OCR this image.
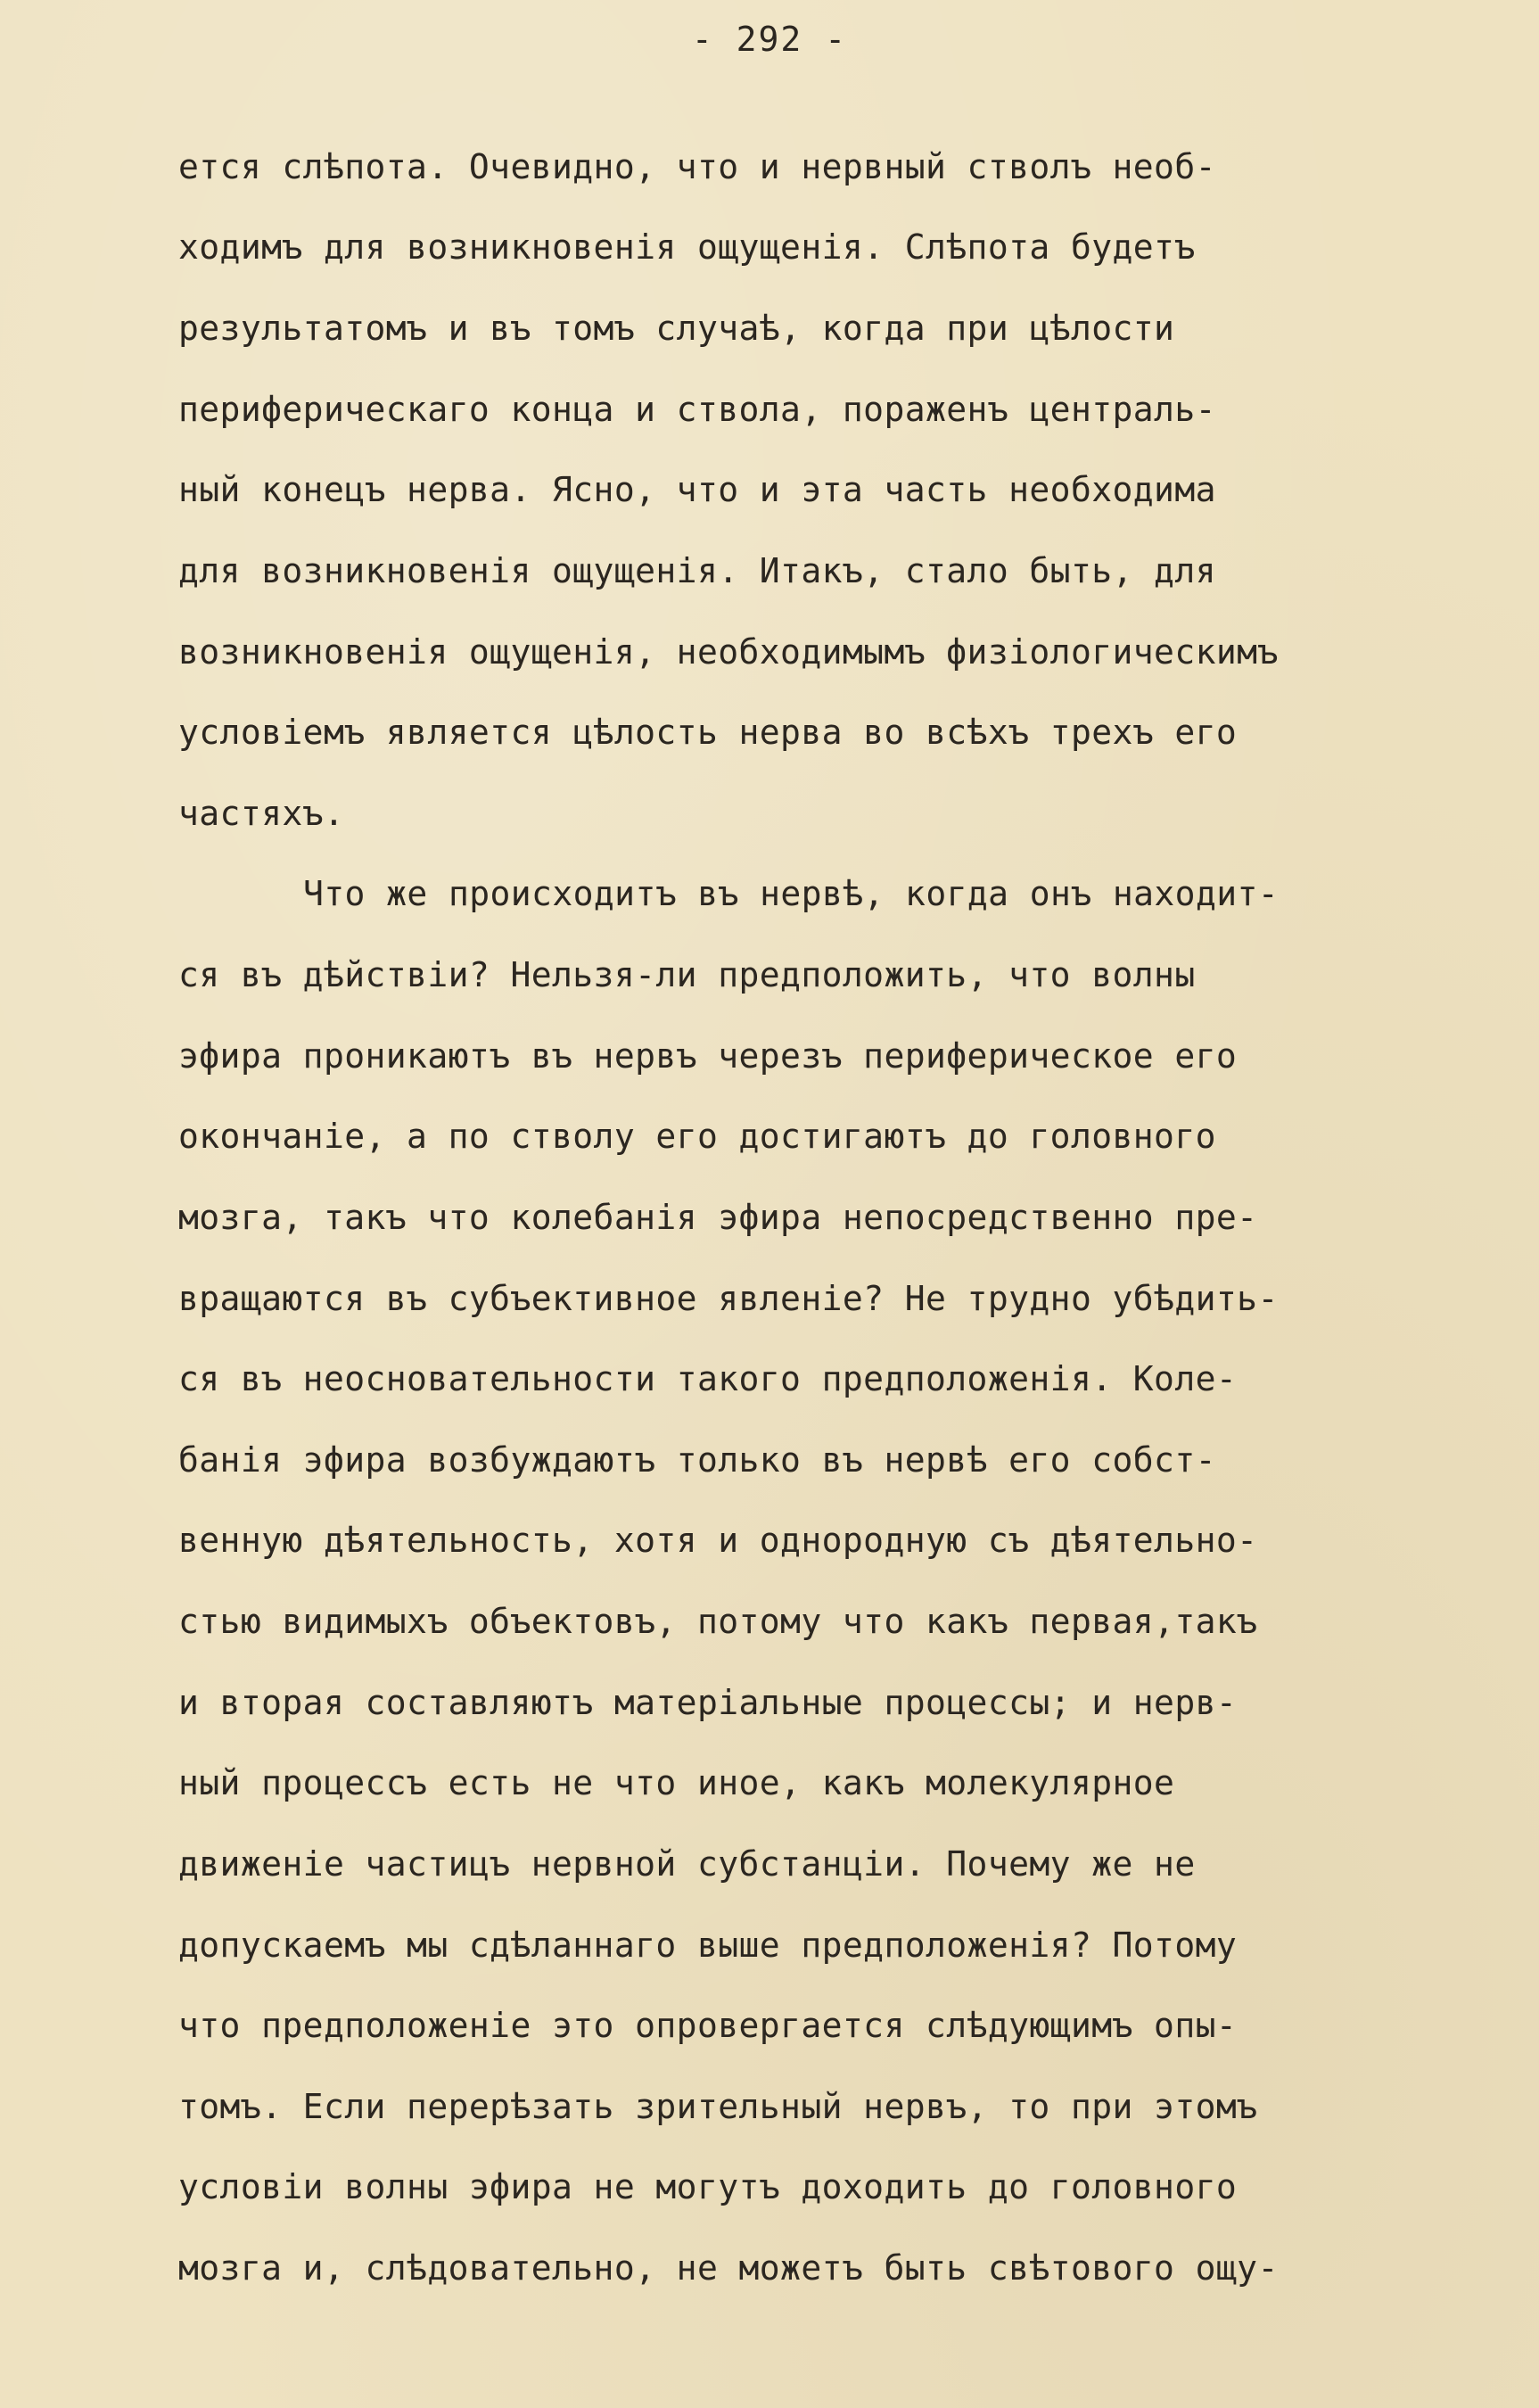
- 292 -
ется слѣпота. Очевидно, что и нервный стволъ необ-
ходимъ для возникновенія ощущенія. Слѣпота будетъ
результатомъ и въ томъ случаѣ, когда при цѣлости
периферическаго конца и ствола, пораженъ централь-
ный конецъ нерва. Ясно, что и эта часть необходима
для возникновенія ощущенія. Итакъ, стало быть, для
возникновенія ощущенія, необходимымъ физіологическимъ
условіемъ является цѣлость нерва во всѣхъ трехъ его
частяхъ.
Что же происходитъ въ нервѣ, когда онъ находит-
ся въ дѣйствіи? Нельзя-ли предположить, что волны
эфира проникаютъ въ нервъ черезъ периферическое его
окончаніе, а по стволу его достигаютъ до головного
мозга, такъ что колебанія эфира непосредственно пре-
вращаются въ субъективное явленіе? Не трудно убѣдить-
ся въ неосновательности такого предположенія. Коле-
банія эфира возбуждаютъ только въ нервѣ его собст-
венную дѣятельность, хотя и однородную съ дѣятельно-
стью видимыхъ объектовъ, потому что какъ первая,такъ
и вторая составляютъ матеріальные процессы; и нерв-
ный процессъ есть не что иное, какъ молекулярное
движеніе частицъ нервной субстанціи. Почему же не
допускаемъ мы сдѣланнаго выше предположенія? Потому
что предположеніе это опровергается слѣдующимъ опы-
томъ. Если перерѣзать зрительный нервъ, то при этомъ
условіи волны эфира не могутъ доходить до головного
мозга и, слѣдовательно, не можетъ быть свѣтового ощу-
